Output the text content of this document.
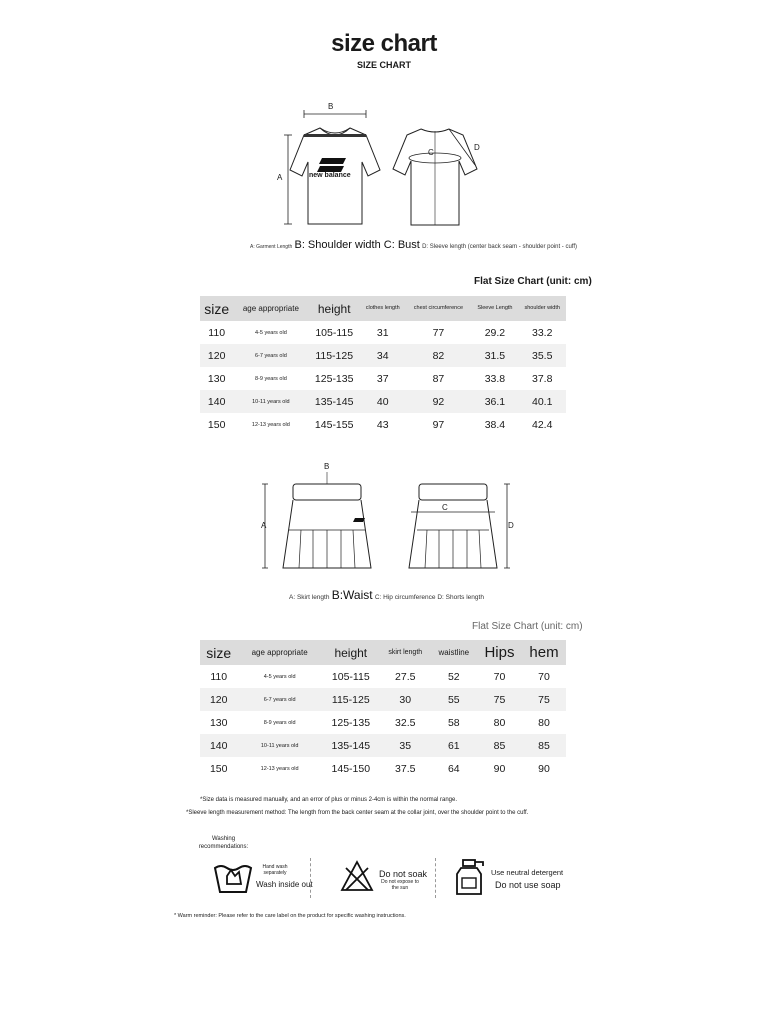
size chart
SIZE CHART
B
A	new balance
C
D
A: Garment Length B: Shoulder width C: Bust D: Sleeve length (center back seam - shoulder point - cuff)
Flat Size Chart (unit: cm)
size	age appropriate	height	clothes length	chest circumference	Sleeve Length	shoulder width
110	4-5 years old	105-115	31	77	29.2	33.2
120	6-7 years old	115-125	34	82	31.5	35.5
130	8-9 years old	125-135	37	87	33.8	37.8
140	10-11 years old	135-145	40	92	36.1	40.1
150	12-13 years old	145-155	43	97	38.4	42.4
B
A
C
D
A: Skirt length B:Waist C: Hip circumference D: Shorts length
Flat Size Chart (unit: cm)
size	age appropriate	height	skirt length	waistline	Hips	hem
110	4-5 years old	105-115	27.5	52	70	70
120	6-7 years old	115-125	30	55	75	75
130	8-9 years old	125-135	32.5	58	80	80
140	10-11 years old	135-145	35	61	85	85
150	12-13 years old	145-150	37.5	64	90	90
*Size data is measured manually, and an error of plus or minus 2-4cm is within the normal range.
*Sleeve length measurement method: The length from the back center seam at the collar joint, over the shoulder point to the cuff.
Washing recommendations:
Hand wash separately
Wash inside out
Do not soak
Do not expose to the sun
Use neutral detergent
Do not use soap
* Warm reminder: Please refer to the care label on the product for specific washing instructions.
